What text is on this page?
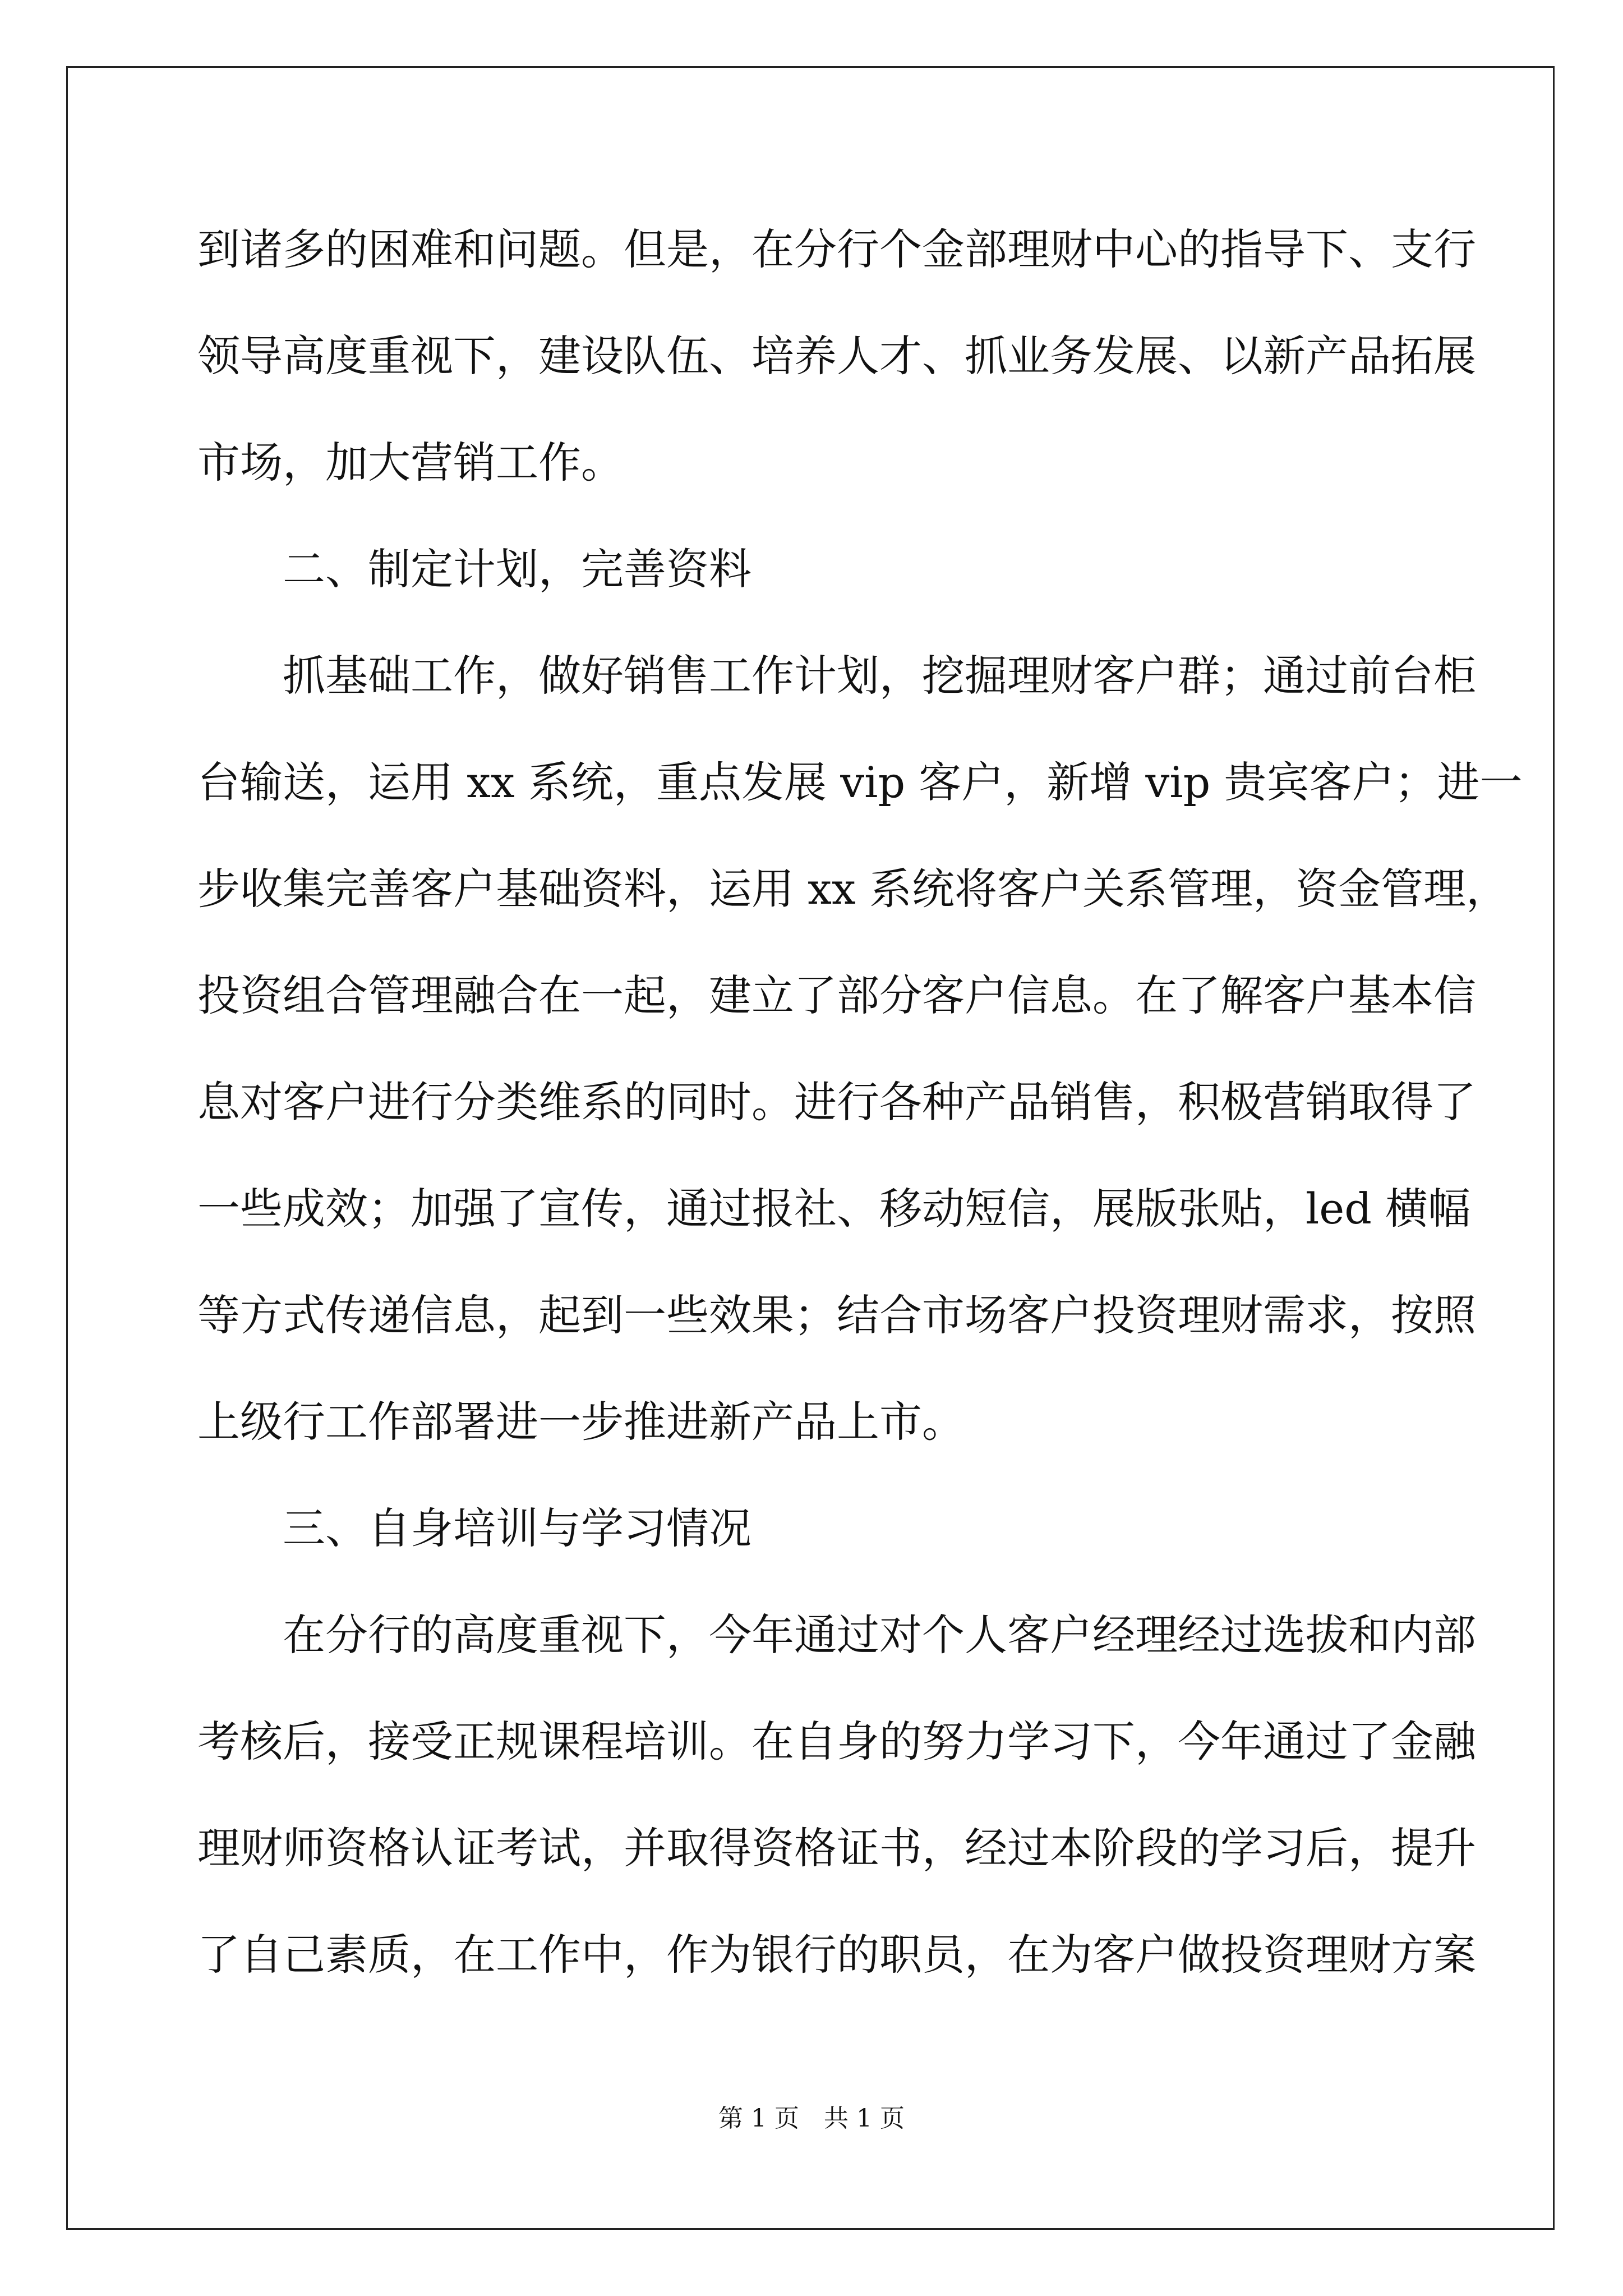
到诸多的困难和问题。但是，在分行个金部理财中心的指导下、支行
领导高度重视下，建设队伍、培养人才、抓业务发展、以新产品拓展
市场，加大营销工作。
二、制定计划，完善资料
抓基础工作，做好销售工作计划，挖掘理财客户群；通过前台柜
台输送，运用 xx 系统，重点发展 vip 客户，新增 vip 贵宾客户；进一
步收集完善客户基础资料，运用 xx 系统将客户关系管理，资金管理，
投资组合管理融合在一起，建立了部分客户信息。在了解客户基本信
息对客户进行分类维系的同时。进行各种产品销售，积极营销取得了
一些成效；加强了宣传，通过报社、移动短信，展版张贴，led 横幅
等方式传递信息，起到一些效果；结合市场客户投资理财需求，按照
上级行工作部署进一步推进新产品上市。
三、自身培训与学习情况
在分行的高度重视下，今年通过对个人客户经理经过选拔和内部
考核后，接受正规课程培训。在自身的努力学习下，今年通过了金融
理财师资格认证考试，并取得资格证书，经过本阶段的学习后，提升
了自己素质，在工作中，作为银行的职员，在为客户做投资理财方案
第 1 页　共 1 页
